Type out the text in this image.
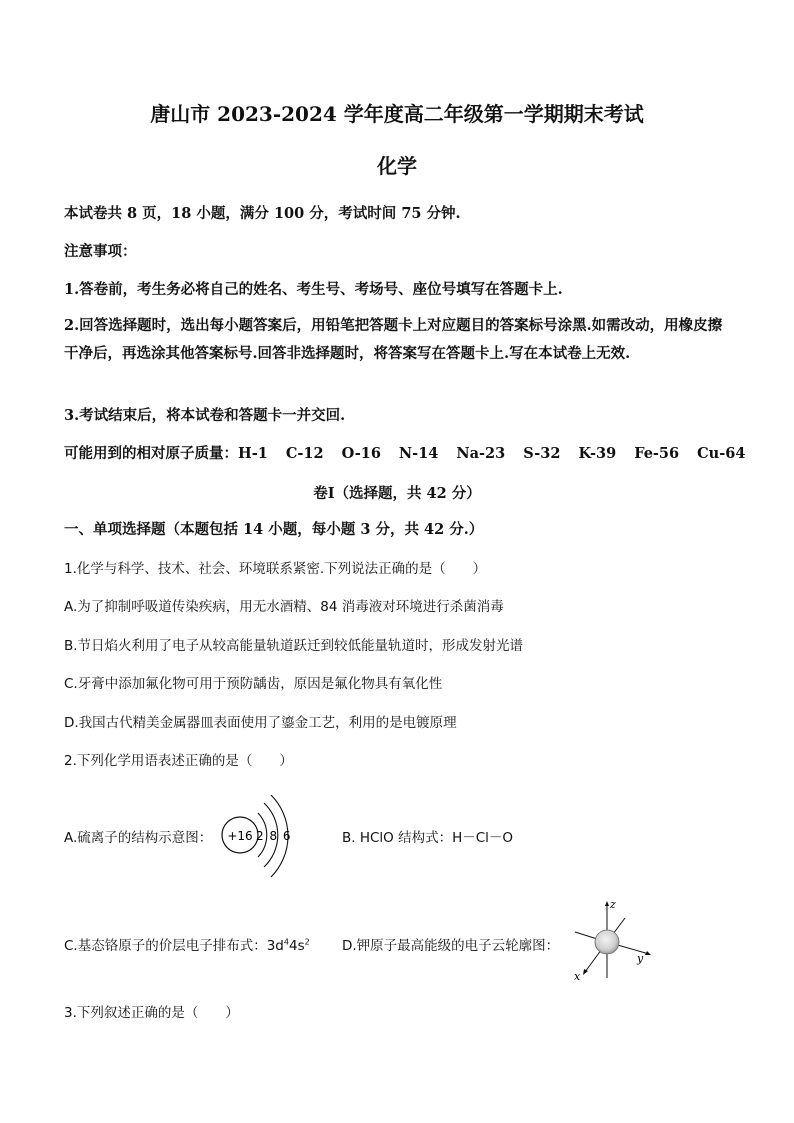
唐山市 2023-2024 学年度高二年级第一学期期末考试
化学
本试卷共 8 页，18 小题，满分 100 分，考试时间 75 分钟.
注意事项：
1.答卷前，考生务必将自己的姓名、考生号、考场号、座位号填写在答题卡上.
2.回答选择题时，选出每小题答案后，用铅笔把答题卡上对应题目的答案标号涂黑.如需改动，用橡皮擦干净后，再选涂其他答案标号.回答非选择题时，将答案写在答题卡上.写在本试卷上无效.
3.考试结束后，将本试卷和答题卡一并交回.
可能用到的相对原子质量：H-1 C-12 O-16 N-14 Na-23 S-32 K-39 Fe-56 Cu-64
卷Ⅰ（选择题，共 42 分）
一、单项选择题（本题包括 14 小题，每小题 3 分，共 42 分.）
1.化学与科学、技术、社会、环境联系紧密.下列说法正确的是（　　）
A.为了抑制呼吸道传染疾病，用无水酒精、84 消毒液对环境进行杀菌消毒
B.节日焰火利用了电子从较高能量轨道跃迁到较低能量轨道时，形成发射光谱
C.牙膏中添加氟化物可用于预防龋齿，原因是氟化物具有氧化性
D.我国古代精美金属器皿表面使用了鎏金工艺，利用的是电镀原理
2.下列化学用语表述正确的是（　　）
A.硫离子的结构示意图： +16 2 8 6	B. HClO 结构式：H－Cl－O
C.基态铬原子的价层电子排布式：$3d^44s^2$ D.钾原子最高能级的电子云轮廓图：
z
y
x
3.下列叙述正确的是（　　）
